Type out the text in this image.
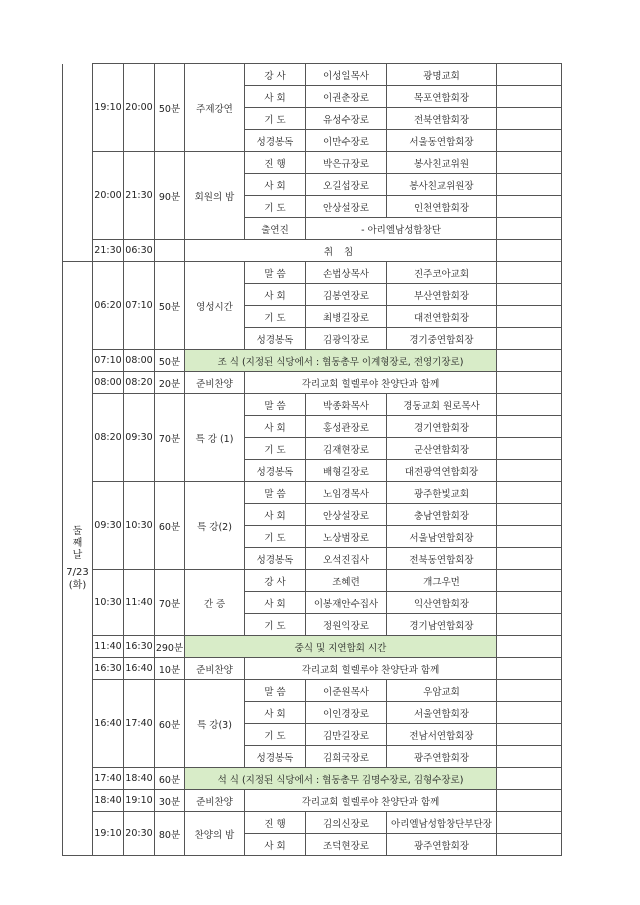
	19:10	20:00	50분	주제강연	강 사	이성일목사	광명교회	
					사 회	이권춘장로	목포연합회장	
					기 도	유성수장로	전북연합회장	
					성경봉독	이만수장로	서울동연합회장	
	20:00	21:30	90분	회원의 밤	진 행	박은규장로	봉사친교위원	
					사 회	오길섭장로	봉사친교위원장	
					기 도	안상설장로	인천연합회장	
					출연진	- 아리엘남성합창단		
	21:30	06:30		취 침				

둘째날
7/23
(화)	06:20	07:10	50분	영성시간	말 씀	손법상목사	진주코아교회	
					사 회	김봉연장로	부산연합회장	
					기 도	최병길장로	대전연합회장	
					성경봉독	김광익장로	경기중연합회장	
	07:10	08:00	50분	조 식 (지정된 식당에서 : 협동총무 이계형장로, 전영기장로)				
	08:00	08:20	20분	준비찬양	각리교회 힐렐루야 찬양단과 함께			
	08:20	09:30	70분	특 강 (1)	말 씀	박종화목사	경동교회 원로목사	
					사 회	홍성관장로	경기연합회장	
					기 도	김재현장로	군산연합회장	
					성경봉독	배형길장로	대전광역연합회장	
	09:30	10:30	60분	특 강(2)	말 씀	노임경목사	광주한빛교회	
					사 회	안상설장로	충남연합회장	
					기 도	노상범장로	서울남연합회장	
					성경봉독	오석진집사	전북동연합회장	
	10:30	11:40	70분	간 증	강 사	조혜련	개그우먼	
					사 회	이봉재안수집사	익산연합회장	
					기 도	정원익장로	경기남연합회장	
	11:40	16:30	290분	중식 및 지연합회 시간				
	16:30	16:40	10분	준비찬양	각리교회 힐렐루야 찬양단과 함께			
	16:40	17:40	60분	특 강(3)	말 씀	이준원목사	우암교회	
					사 회	이인경장로	서울연합회장	
					기 도	김만길장로	전남서연합회장	
					성경봉독	김희국장로	광주연합회장	
	17:40	18:40	60분	석 식 (지정된 식당에서 : 협동총무 김명수장로, 김형수장로)				
	18:40	19:10	30분	준비찬양	각리교회 힐렐루야 찬양단과 함께			
	19:10	20:30	80분	찬양의 밤	진 행	김의신장로	아리엘남성합창단부단장	
					사 회	조덕현장로	광주연합회장	
